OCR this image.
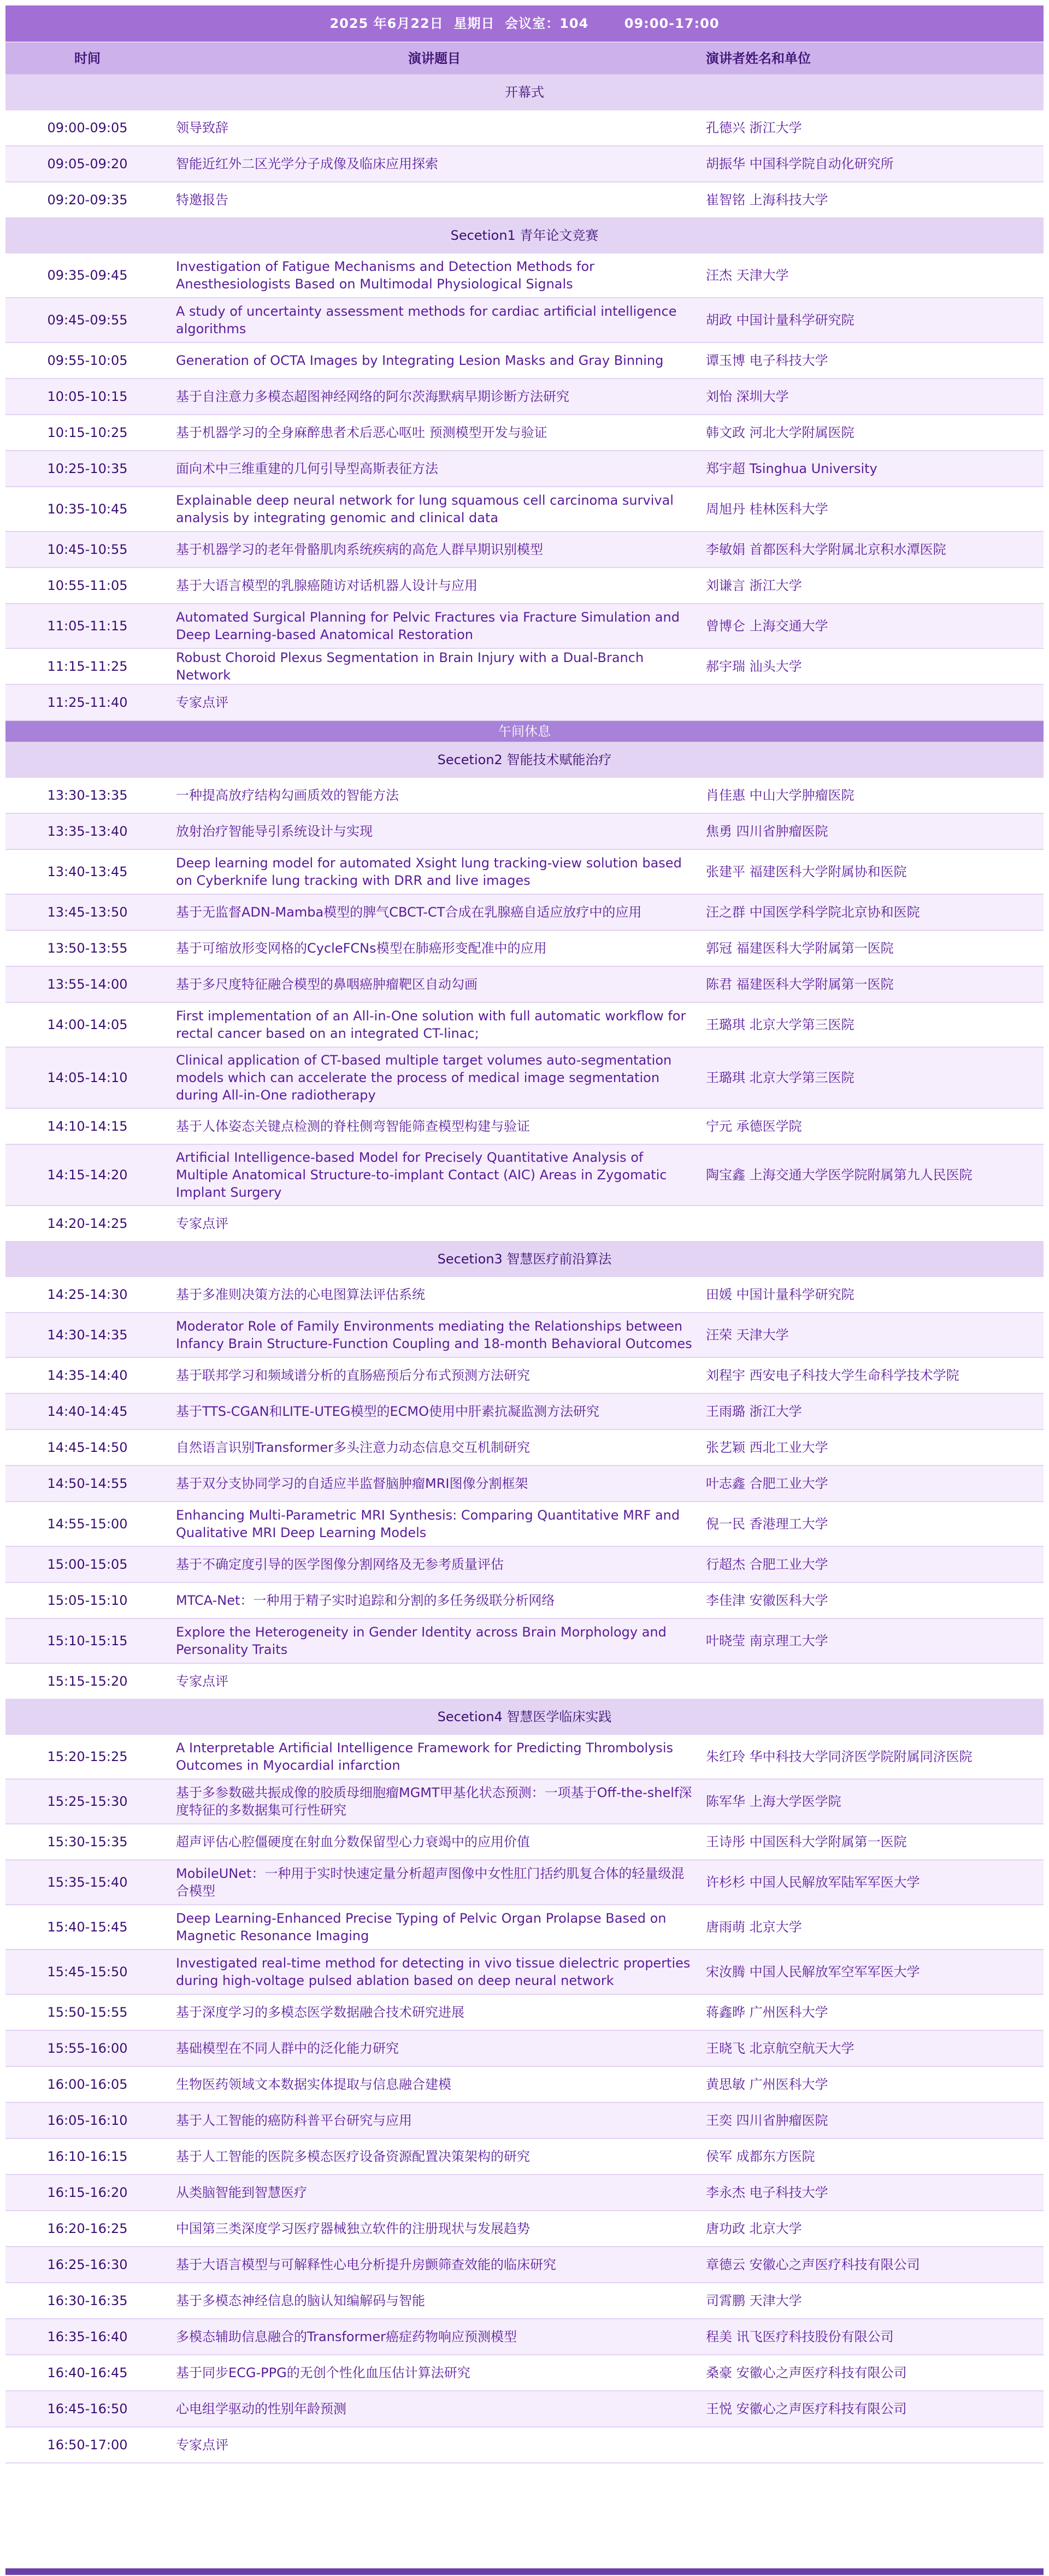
2025 年6月22日 星期日 会议室：104 09:00-17:00		
时间	演讲题目	演讲者姓名和单位
开幕式		
09:00-09:05	领导致辞	孔德兴 浙江大学
09:05-09:20	智能近红外二区光学分子成像及临床应用探索	胡振华 中国科学院自动化研究所
09:20-09:35	特邀报告	崔智铭 上海科技大学
Secetion1 青年论文竞赛		
09:35-09:45	Investigation of Fatigue Mechanisms and Detection Methods for Anesthesiologists Based on Multimodal Physiological Signals	汪杰 天津大学
09:45-09:55	A study of uncertainty assessment methods for cardiac artificial intelligence algorithms	胡政 中国计量科学研究院
09:55-10:05	Generation of OCTA Images by Integrating Lesion Masks and Gray Binning	谭玉博 电子科技大学
10:05-10:15	基于自注意力多模态超图神经网络的阿尔茨海默病早期诊断方法研究	刘怡 深圳大学
10:15-10:25	基于机器学习的全身麻醉患者术后恶心呕吐 预测模型开发与验证	韩文政 河北大学附属医院
10:25-10:35	面向术中三维重建的几何引导型高斯表征方法	郑宇超 Tsinghua University
10:35-10:45	Explainable deep neural network for lung squamous cell carcinoma survival analysis by integrating genomic and clinical data	周旭丹 桂林医科大学
10:45-10:55	基于机器学习的老年骨骼肌肉系统疾病的高危人群早期识别模型	李敏娟 首都医科大学附属北京积水潭医院
10:55-11:05	基于大语言模型的乳腺癌随访对话机器人设计与应用	刘谦言 浙江大学
11:05-11:15	Automated Surgical Planning for Pelvic Fractures via Fracture Simulation and Deep Learning-based Anatomical Restoration	曾博仑 上海交通大学
11:15-11:25	Robust Choroid Plexus Segmentation in Brain Injury with a Dual-Branch Network	郝宇瑞 汕头大学
11:25-11:40	专家点评	
午间休息		
Secetion2 智能技术赋能治疗		
13:30-13:35	一种提高放疗结构勾画质效的智能方法	肖佳惠 中山大学肿瘤医院
13:35-13:40	放射治疗智能导引系统设计与实现	焦勇 四川省肿瘤医院
13:40-13:45	Deep learning model for automated Xsight lung tracking-view solution based on Cyberknife lung tracking with DRR and live images	张建平 福建医科大学附属协和医院
13:45-13:50	基于无监督ADN-Mamba模型的脾气CBCT-CT合成在乳腺癌自适应放疗中的应用	汪之群 中国医学科学院北京协和医院
13:50-13:55	基于可缩放形变网格的CycleFCNs模型在肺癌形变配准中的应用	郭冠 福建医科大学附属第一医院
13:55-14:00	基于多尺度特征融合模型的鼻咽癌肿瘤靶区自动勾画	陈君 福建医科大学附属第一医院
14:00-14:05	First implementation of an All-in-One solution with full automatic workflow for rectal cancer based on an integrated CT-linac;	王璐琪 北京大学第三医院
14:05-14:10	Clinical application of CT-based multiple target volumes auto-segmentation models which can accelerate the process of medical image segmentation during All-in-One radiotherapy	王璐琪 北京大学第三医院
14:10-14:15	基于人体姿态关键点检测的脊柱侧弯智能筛查模型构建与验证	宁元 承德医学院
14:15-14:20	Artificial Intelligence-based Model for Precisely Quantitative Analysis of Multiple Anatomical Structure-to-implant Contact (AIC) Areas in Zygomatic Implant Surgery	陶宝鑫 上海交通大学医学院附属第九人民医院
14:20-14:25	专家点评	
Secetion3 智慧医疗前沿算法		
14:25-14:30	基于多准则决策方法的心电图算法评估系统	田媛 中国计量科学研究院
14:30-14:35	Moderator Role of Family Environments mediating the Relationships between Infancy Brain Structure-Function Coupling and 18-month Behavioral Outcomes	汪荣 天津大学
14:35-14:40	基于联邦学习和频域谱分析的直肠癌预后分布式预测方法研究	刘程宇 西安电子科技大学生命科学技术学院
14:40-14:45	基于TTS-CGAN和LITE-UTEG模型的ECMO使用中肝素抗凝监测方法研究	王雨璐 浙江大学
14:45-14:50	自然语言识别Transformer多头注意力动态信息交互机制研究	张艺颖 西北工业大学
14:50-14:55	基于双分支协同学习的自适应半监督脑肿瘤MRI图像分割框架	叶志鑫 合肥工业大学
14:55-15:00	Enhancing Multi-Parametric MRI Synthesis: Comparing Quantitative MRF and Qualitative MRI Deep Learning Models	倪一民 香港理工大学
15:00-15:05	基于不确定度引导的医学图像分割网络及无参考质量评估	行超杰 合肥工业大学
15:05-15:10	MTCA-Net：一种用于精子实时追踪和分割的多任务级联分析网络	李佳津 安徽医科大学
15:10-15:15	Explore the Heterogeneity in Gender Identity across Brain Morphology and Personality Traits	叶晓莹 南京理工大学
15:15-15:20	专家点评	
Secetion4 智慧医学临床实践		
15:20-15:25	A Interpretable Artificial Intelligence Framework for Predicting Thrombolysis Outcomes in Myocardial infarction	朱红玲 华中科技大学同济医学院附属同济医院
15:25-15:30	基于多参数磁共振成像的胶质母细胞瘤MGMT甲基化状态预测：一项基于Off-the-shelf深度特征的多数据集可行性研究	陈军华 上海大学医学院
15:30-15:35	超声评估心腔僵硬度在射血分数保留型心力衰竭中的应用价值	王诗彤 中国医科大学附属第一医院
15:35-15:40	MobileUNet：一种用于实时快速定量分析超声图像中女性肛门括约肌复合体的轻量级混合模型	许杉杉 中国人民解放军陆军军医大学
15:40-15:45	Deep Learning-Enhanced Precise Typing of Pelvic Organ Prolapse Based on Magnetic Resonance Imaging	唐雨萌 北京大学
15:45-15:50	Investigated real-time method for detecting in vivo tissue dielectric properties during high-voltage pulsed ablation based on deep neural network	宋汝腾 中国人民解放军空军军医大学
15:50-15:55	基于深度学习的多模态医学数据融合技术研究进展	蒋鑫晔 广州医科大学
15:55-16:00	基础模型在不同人群中的泛化能力研究	王晓飞 北京航空航天大学
16:00-16:05	生物医药领域文本数据实体提取与信息融合建模	黄思敏 广州医科大学
16:05-16:10	基于人工智能的癌防科普平台研究与应用	王奕 四川省肿瘤医院
16:10-16:15	基于人工智能的医院多模态医疗设备资源配置决策架构的研究	侯军 成都东方医院
16:15-16:20	从类脑智能到智慧医疗	李永杰 电子科技大学
16:20-16:25	中国第三类深度学习医疗器械独立软件的注册现状与发展趋势	唐功政 北京大学
16:25-16:30	基于大语言模型与可解释性心电分析提升房颤筛查效能的临床研究	章德云 安徽心之声医疗科技有限公司
16:30-16:35	基于多模态神经信息的脑认知编解码与智能	司霄鹏 天津大学
16:35-16:40	多模态辅助信息融合的Transformer癌症药物响应预测模型	程美 讯飞医疗科技股份有限公司
16:40-16:45	基于同步ECG-PPG的无创个性化血压估计算法研究	桑豪 安徽心之声医疗科技有限公司
16:45-16:50	心电组学驱动的性别年龄预测	王悦 安徽心之声医疗科技有限公司
16:50-17:00	专家点评	
